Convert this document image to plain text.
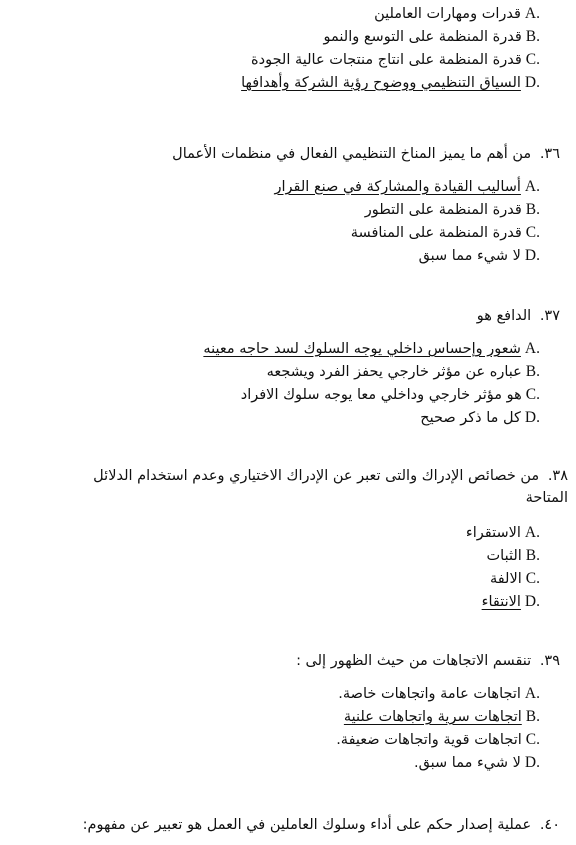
A.
قدرات ومهارات العاملين
B.
قدرة المنظمة على التوسع والنمو
C.
قدرة المنظمة على انتاج منتجات عالية الجودة
D.
السياق التنظيمي ووضوح رؤية الشركة وأهدافها
٣٦. من أهم ما يميز المناخ التنظيمي الفعال في منظمات الأعمال
A.
أساليب القيادة والمشاركة في صنع القرار
B.
قدرة المنظمة على التطور
C.
قدرة المنظمة على المنافسة
D.
لا شيء مما سبق
٣٧. الدافع هو
A.
شعور وإحساس داخلي يوجه السلوك لسد حاجه معينه
B.
عباره عن مؤثر خارجي يحفز الفرد ويشجعه
C.
هو مؤثر خارجي وداخلي معا يوجه سلوك الافراد
D.
كل ما ذكر صحيح
٣٨. من خصائص الإدراك والتى تعبر عن الإدراك الاختياري وعدم استخدام الدلائل
المتاحة
A.
الاستقراء
B.
الثبات
C.
الالفة
D.
الانتقاء
٣٩. تنقسم الاتجاهات من حيث الظهور إلى :
A.
اتجاهات عامة واتجاهات خاصة.
B.
اتجاهات سرية واتجاهات علنية
C.
اتجاهات قوية واتجاهات ضعيفة.
D.
لا شيء مما سبق.
٤٠. عملية إصدار حكم على أداء وسلوك العاملين في العمل هو تعبير عن مفهوم:
